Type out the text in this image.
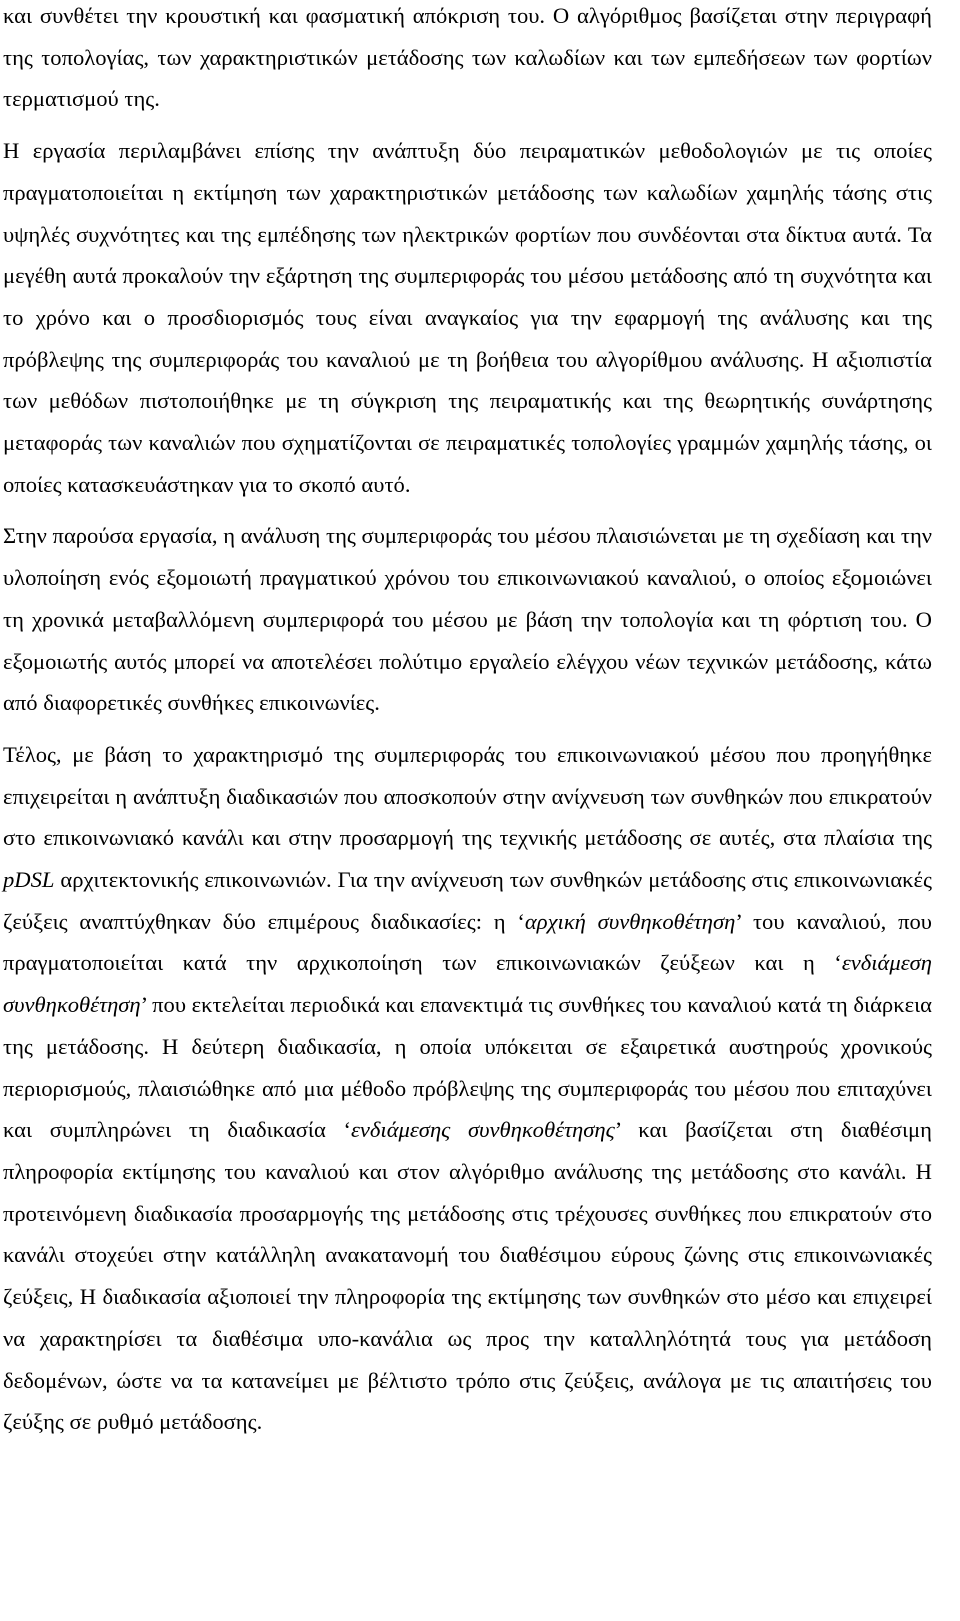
και συνθέτει την κρουστική και φασματική απόκριση του. Ο αλγόριθμος βασίζεται στην περιγραφή της τοπολογίας, των χαρακτηριστικών μετάδοσης των καλωδίων και των εμπεδήσεων των φορτίων τερματισμού της.

Η εργασία περιλαμβάνει επίσης την ανάπτυξη δύο πειραματικών μεθοδολογιών με τις οποίες πραγματοποιείται η εκτίμηση των χαρακτηριστικών μετάδοσης των καλωδίων χαμηλής τάσης στις υψηλές συχνότητες και της εμπέδησης των ηλεκτρικών φορτίων που συνδέονται στα δίκτυα αυτά. Τα μεγέθη αυτά προκαλούν την εξάρτηση της συμπεριφοράς του μέσου μετάδοσης από τη συχνότητα και το χρόνο και ο προσδιορισμός τους είναι αναγκαίος για την εφαρμογή της ανάλυσης και της πρόβλεψης της συμπεριφοράς του καναλιού με τη βοήθεια του αλγορίθμου ανάλυσης. Η αξιοπιστία των μεθόδων πιστοποιήθηκε με τη σύγκριση της πειραματικής και της θεωρητικής συνάρτησης μεταφοράς των καναλιών που σχηματίζονται σε πειραματικές τοπολογίες γραμμών χαμηλής τάσης, οι οποίες κατασκευάστηκαν για το σκοπό αυτό.

Στην παρούσα εργασία, η ανάλυση της συμπεριφοράς του μέσου πλαισιώνεται με τη σχεδίαση και την υλοποίηση ενός εξομοιωτή πραγματικού χρόνου του επικοινωνιακού καναλιού, ο οποίος εξομοιώνει τη χρονικά μεταβαλλόμενη συμπεριφορά του μέσου με βάση την τοπολογία και τη φόρτιση του. Ο εξομοιωτής αυτός μπορεί να αποτελέσει πολύτιμο εργαλείο ελέγχου νέων τεχνικών μετάδοσης, κάτω από διαφορετικές συνθήκες επικοινωνίες.

Τέλος, με βάση το χαρακτηρισμό της συμπεριφοράς του επικοινωνιακού μέσου που προηγήθηκε επιχειρείται η ανάπτυξη διαδικασιών που αποσκοπούν στην ανίχνευση των συνθηκών που επικρατούν στο επικοινωνιακό κανάλι και στην προσαρμογή της τεχνικής μετάδοσης σε αυτές, στα πλαίσια της pDSL αρχιτεκτονικής επικοινωνιών. Για την ανίχνευση των συνθηκών μετάδοσης στις επικοινωνιακές ζεύξεις αναπτύχθηκαν δύο επιμέρους διαδικασίες: η ‘αρχική συνθηκοθέτηση’ του καναλιού, που πραγματοποιείται κατά την αρχικοποίηση των επικοινωνιακών ζεύξεων και η ‘ενδιάμεση συνθηκοθέτηση’ που εκτελείται περιοδικά και επανεκτιμά τις συνθήκες του καναλιού κατά τη διάρκεια της μετάδοσης. Η δεύτερη διαδικασία, η οποία υπόκειται σε εξαιρετικά αυστηρούς χρονικούς περιορισμούς, πλαισιώθηκε από μια μέθοδο πρόβλεψης της συμπεριφοράς του μέσου που επιταχύνει και συμπληρώνει τη διαδικασία ‘ενδιάμεσης συνθηκοθέτησης’ και βασίζεται στη διαθέσιμη πληροφορία εκτίμησης του καναλιού και στον αλγόριθμο ανάλυσης της μετάδοσης στο κανάλι. Η προτεινόμενη διαδικασία προσαρμογής της μετάδοσης στις τρέχουσες συνθήκες που επικρατούν στο κανάλι στοχεύει στην κατάλληλη ανακατανομή του διαθέσιμου εύρους ζώνης στις επικοινωνιακές ζεύξεις, Η διαδικασία αξιοποιεί την πληροφορία της εκτίμησης των συνθηκών στο μέσο και επιχειρεί να χαρακτηρίσει τα διαθέσιμα υπο-κανάλια ως προς την καταλληλότητά τους για μετάδοση δεδομένων, ώστε να τα κατανείμει με βέλτιστο τρόπο στις ζεύξεις, ανάλογα με τις απαιτήσεις του ζεύξης σε ρυθμό μετάδοσης.
